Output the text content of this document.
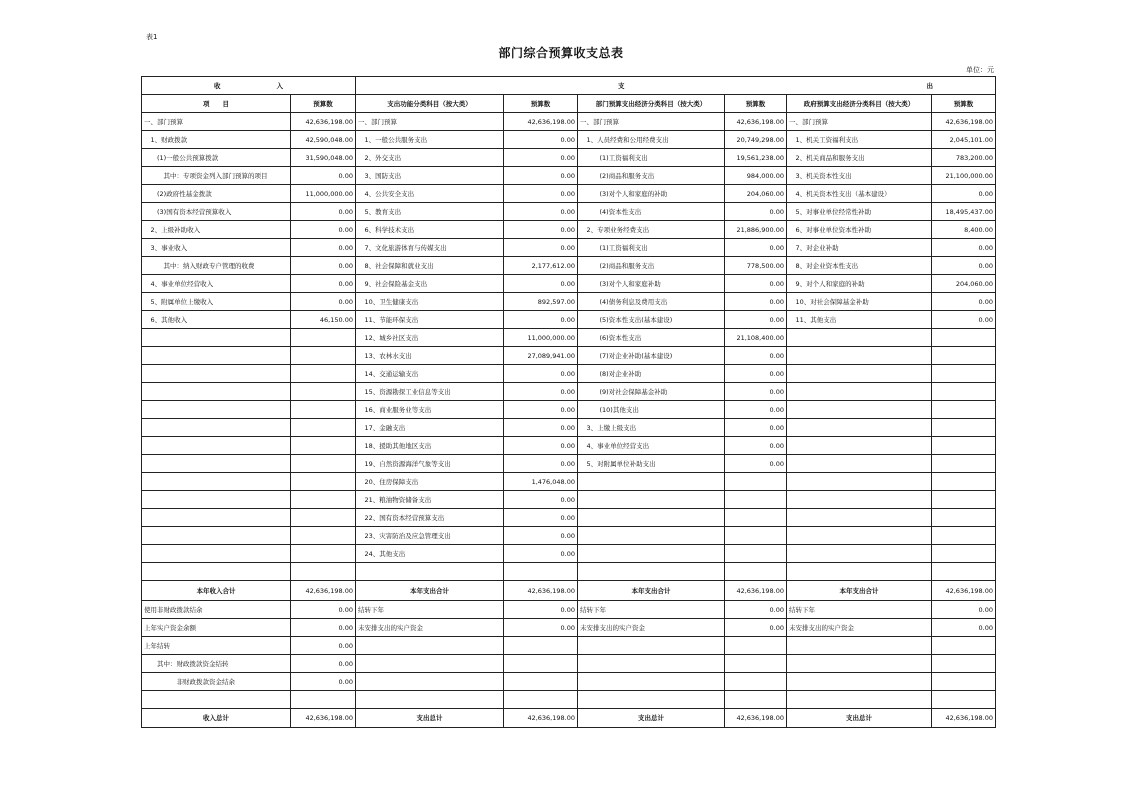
表1
部门综合预算收支总表
单位：元
收 入		支 出					

项　　目	预算数	支出功能分类科目（按大类）	预算数	部门预算支出经济分类科目（按大类）	预算数	政府预算支出经济分类科目（按大类）	预算数
一、部门预算	42,636,198.00	一、部门预算	42,636,198.00	一、部门预算	42,636,198.00	一、部门预算	42,636,198.00
　1、财政拨款	42,590,048.00	　1、一般公共服务支出	0.00	　1、人员经费和公用经费支出	20,749,298.00	　1、机关工资福利支出	2,045,101.00
　　(1)一般公共预算拨款	31,590,048.00	　2、外交支出	0.00	　　　(1)工资福利支出	19,561,238.00	　2、机关商品和服务支出	783,200.00
　　　其中：专项资金列入部门预算的项目	0.00	　3、国防支出	0.00	　　　(2)商品和服务支出	984,000.00	　3、机关资本性支出	21,100,000.00
　　(2)政府性基金拨款	11,000,000.00	　4、公共安全支出	0.00	　　　(3)对个人和家庭的补助	204,060.00	　4、机关资本性支出（基本建设）	0.00
　　(3)国有资本经营预算收入	0.00	　5、教育支出	0.00	　　　(4)资本性支出	0.00	　5、对事业单位经常性补助	18,495,437.00
　2、上级补助收入	0.00	　6、科学技术支出	0.00	　2、专项业务经费支出	21,886,900.00	　6、对事业单位资本性补助	8,400.00
　3、事业收入	0.00	　7、文化旅游体育与传媒支出	0.00	　　　(1)工资福利支出	0.00	　7、对企业补助	0.00
　　　其中：纳入财政专户管理的收费	0.00	　8、社会保障和就业支出	2,177,612.00	　　　(2)商品和服务支出	778,500.00	　8、对企业资本性支出	0.00
　4、事业单位经营收入	0.00	　9、社会保险基金支出	0.00	　　　(3)对个人和家庭补助	0.00	　9、对个人和家庭的补助	204,060.00
　5、附属单位上缴收入	0.00	　10、卫生健康支出	892,597.00	　　　(4)债务利息及费用支出	0.00	　10、对社会保障基金补助	0.00
　6、其他收入	46,150.00	　11、节能环保支出	0.00	　　　(5)资本性支出(基本建设)	0.00	　11、其他支出	0.00
		　12、城乡社区支出	11,000,000.00	　　　(6)资本性支出	21,108,400.00		
		　13、农林水支出	27,089,941.00	　　　(7)对企业补助(基本建设)	0.00		
		　14、交通运输支出	0.00	　　　(8)对企业补助	0.00		
		　15、资源勘探工业信息等支出	0.00	　　　(9)对社会保障基金补助	0.00		
		　16、商业服务业等支出	0.00	　　　(10)其他支出	0.00		
		　17、金融支出	0.00	　3、上缴上级支出	0.00		
		　18、援助其他地区支出	0.00	　4、事业单位经营支出	0.00		
		　19、自然资源海洋气象等支出	0.00	　5、对附属单位补助支出	0.00		
		　20、住房保障支出	1,476,048.00				
		　21、粮油物资储备支出	0.00				
		　22、国有资本经营预算支出	0.00				
		　23、灾害防治及应急管理支出	0.00				
		　24、其他支出	0.00				

本年收入合计	42,636,198.00	本年支出合计	42,636,198.00	本年支出合计	42,636,198.00	本年支出合计	42,636,198.00
使用非财政拨款结余	0.00	结转下年	0.00	结转下年	0.00	结转下年	0.00
上年实户资金余额	0.00	未安排支出的实户资金	0.00	未安排支出的实户资金	0.00	未安排支出的实户资金	0.00
上年结转	0.00						
　　其中：财政拨款资金结转	0.00						
　　　　　非财政拨款资金结余	0.00						

收入总计	42,636,198.00	支出总计	42,636,198.00	支出总计	42,636,198.00	支出总计	42,636,198.00
